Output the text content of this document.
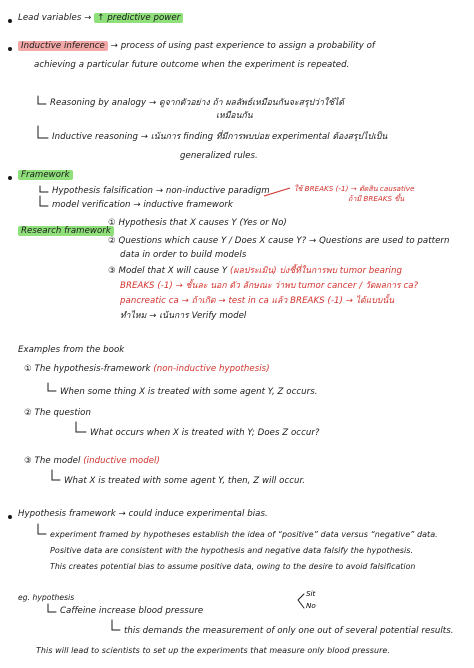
Lead variables → ↑ predictive power
Inductive inference → process of using past experience to assign a probability of
achieving a particular future outcome when the experiment is repeated.
Reasoning by analogy → ดูจากตัวอย่าง ถ้า ผลลัพธ์เหมือนกันจะสรุปว่าใช้ได้
เหมือนกัน
Inductive reasoning → เน้นการ finding ที่มีการพบบ่อย experimental ต้องสรุปไปเป็น
generalized rules.
Framework
Hypothesis falsification → non-inductive paradigm
model verification → inductive framework
ใช้ BREAKS (-1) → ตัดสิน causative
ถ้ามี BREAKS ขึ้น
Research framework
① Hypothesis that X causes Y (Yes or No)
② Questions which cause Y / Does X cause Y? → Questions are used to pattern
data in order to build models
③ Model that X will cause Y (ผลประเมิน) บ่งชี้ที่ในการพบ tumor bearing
BREAKS (-1) → ชั้นละ นอก ตัว ลักษณะ ว่าพบ tumor cancer / วัดผลการ ca?
pancreatic ca → ถ้าเกิด → test in ca แล้ว BREAKS (-1) → ได้แบบนั้น
ทำไหม → เน้นการ Verify model
Examples from the book
① The hypothesis-framework (non-inductive hypothesis)
When some thing X is treated with some agent Y, Z occurs.
② The question
What occurs when X is treated with Y; Does Z occur?
③ The model (inductive model)
What X is treated with some agent Y, then, Z will occur.
Hypothesis framework → could induce experimental bias.
experiment framed by hypotheses establish the idea of “positive” data versus “negative” data.
Positive data are consistent with the hypothesis and negative data falsify the hypothesis.
This creates potential bias to assume positive data, owing to the desire to avoid falsification
eg. hypothesis
Caffeine increase blood pressure
Sit
No
this demands the measurement of only one out of several potential results.
This will lead to scientists to set up the experiments that measure only blood pressure.
